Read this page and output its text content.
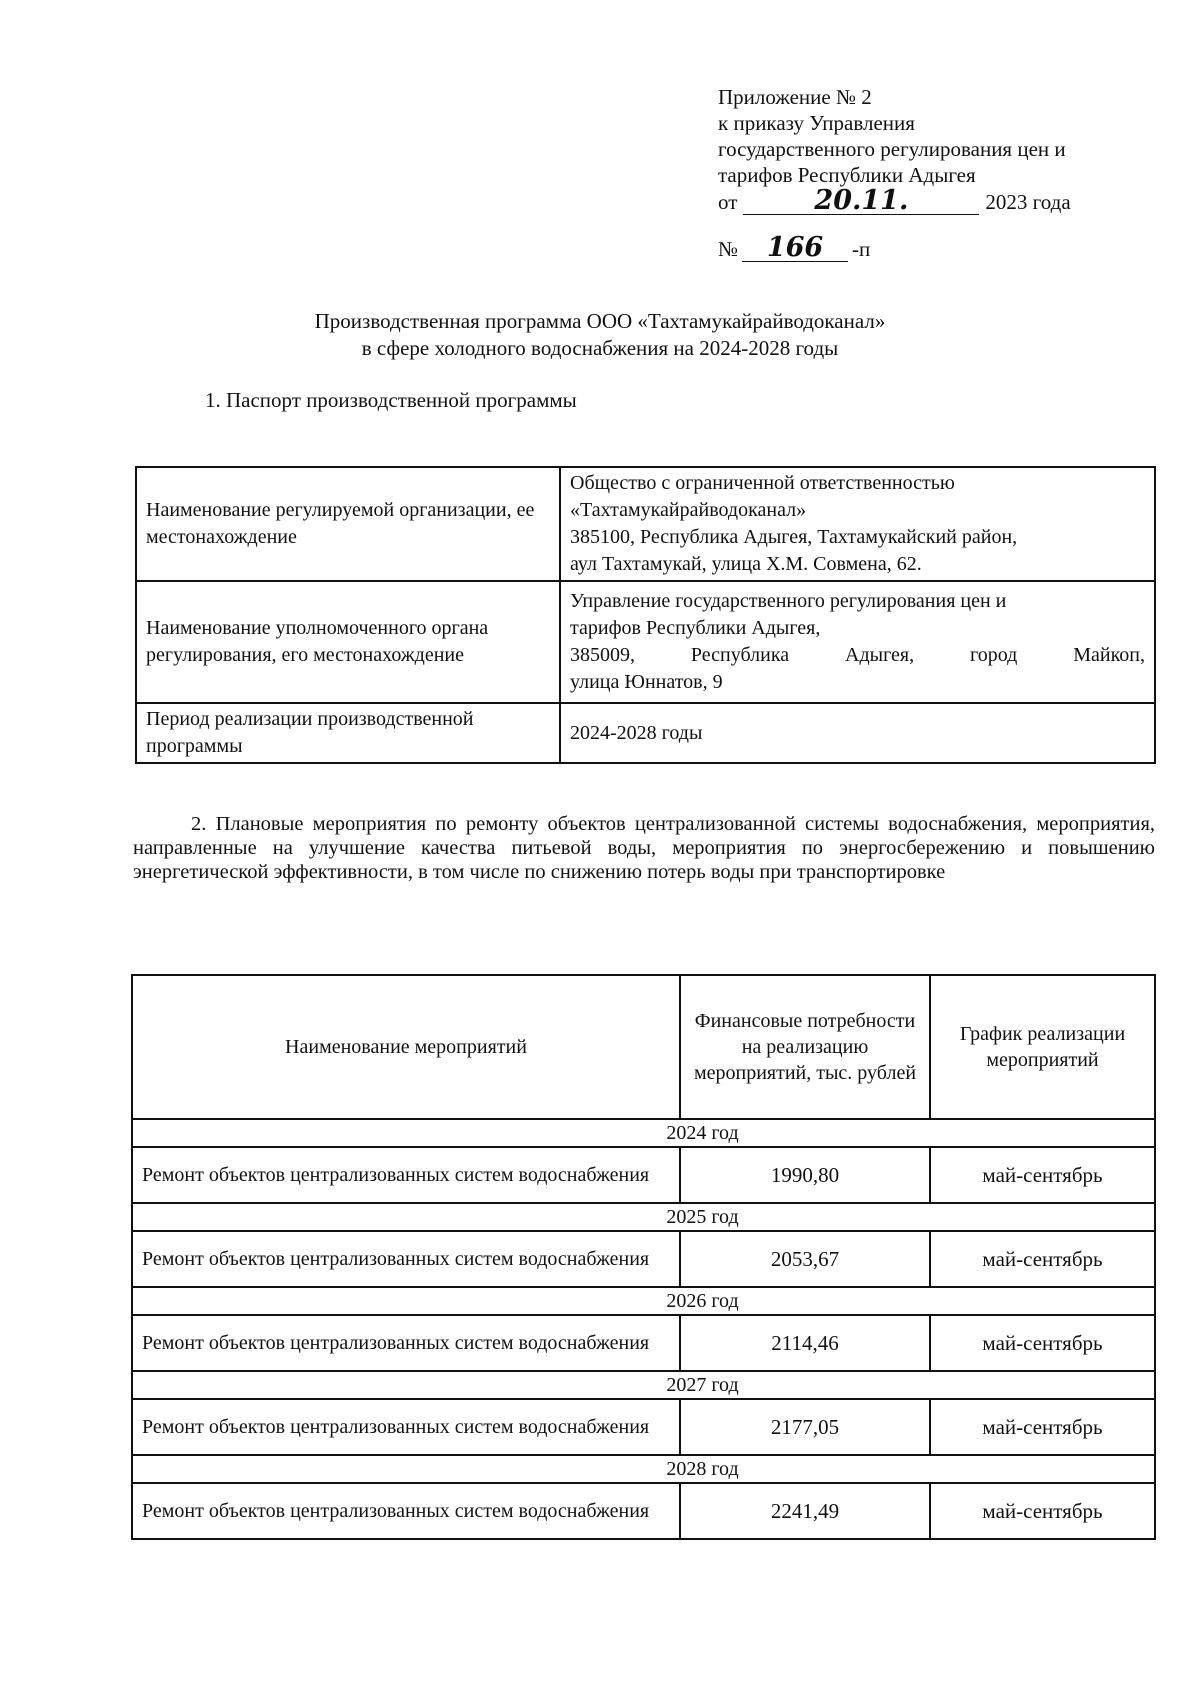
Приложение № 2
к приказу Управления
государственного регулирования цен и
тарифов Республики Адыгея
от	20.11.	2023 года
№ 166 -п
Производственная программа ООО «Тахтамукайрайводоканал»
в сфере холодного водоснабжения на 2024-2028 годы
1. Паспорт производственной программы
Наименование регулируемой организации, ее местонахождение	Общество с ограниченной ответственностью
«Тахтамукайрайводоканал»
385100, Республика Адыгея, Тахтамукайский район,
аул Тахтамукай, улица Х.М. Совмена, 62.

Наименование уполномоченного органа регулирования, его местонахождение	Управление государственного регулирования цен и
тарифов Республики Адыгея,
385009, Республика Адыгея, город Майкоп,
улица Юннатов, 9

Период реализации производственной программы	2024-2028 годы
2. Плановые мероприятия по ремонту объектов централизованной системы водоснабжения, мероприятия, направленные на улучшение качества питьевой воды, мероприятия по энергосбережению и повышению энергетической эффективности, в том числе по снижению потерь воды при транспортировке
Наименование мероприятий	Финансовые потребности на реализацию мероприятий, тыс. рублей	График реализации мероприятий
2024 год		
Ремонт объектов централизованных систем водоснабжения	1990,80	май-сентябрь
2025 год		
Ремонт объектов централизованных систем водоснабжения	2053,67	май-сентябрь
2026 год		
Ремонт объектов централизованных систем водоснабжения	2114,46	май-сентябрь
2027 год		
Ремонт объектов централизованных систем водоснабжения	2177,05	май-сентябрь
2028 год		
Ремонт объектов централизованных систем водоснабжения	2241,49	май-сентябрь
